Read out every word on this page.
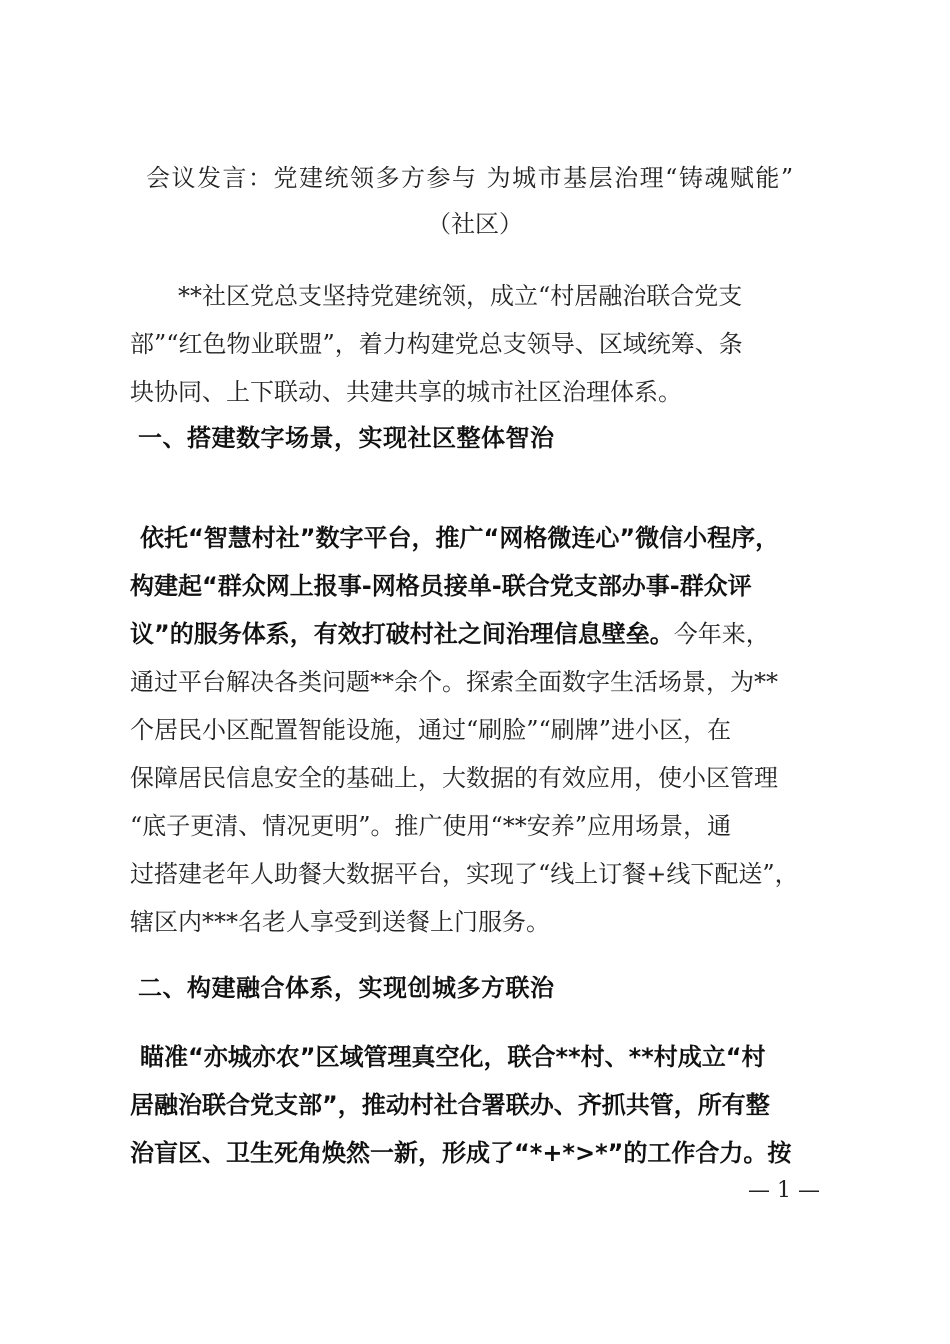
会议发言：党建统领多方参与 为城市基层治理“铸魂赋能”
（社区）
**社区党总支坚持党建统领，成立“村居融治联合党支
部”“红色物业联盟”，着力构建党总支领导、区域统筹、条
块协同、上下联动、共建共享的城市社区治理体系。
一、搭建数字场景，实现社区整体智治
依托“智慧村社”数字平台，推广“网格微连心”微信小程序，
构建起“群众网上报事-网格员接单-联合党支部办事-群众评
议”的服务体系，有效打破村社之间治理信息壁垒。今年来，
通过平台解决各类问题**余个。探索全面数字生活场景，为**
个居民小区配置智能设施，通过“刷脸”“刷牌”进小区，在
保障居民信息安全的基础上，大数据的有效应用，使小区管理
“底子更清、情况更明”。推广使用“**安养”应用场景，通
过搭建老年人助餐大数据平台，实现了“线上订餐+线下配送”，
辖区内***名老人享受到送餐上门服务。
二、构建融合体系，实现创城多方联治
瞄准“亦城亦农”区域管理真空化，联合**村、**村成立“村
居融治联合党支部”，推动村社合署联办、齐抓共管，所有整
治盲区、卫生死角焕然一新，形成了“*+*>*”的工作合力。按
— 1 —
